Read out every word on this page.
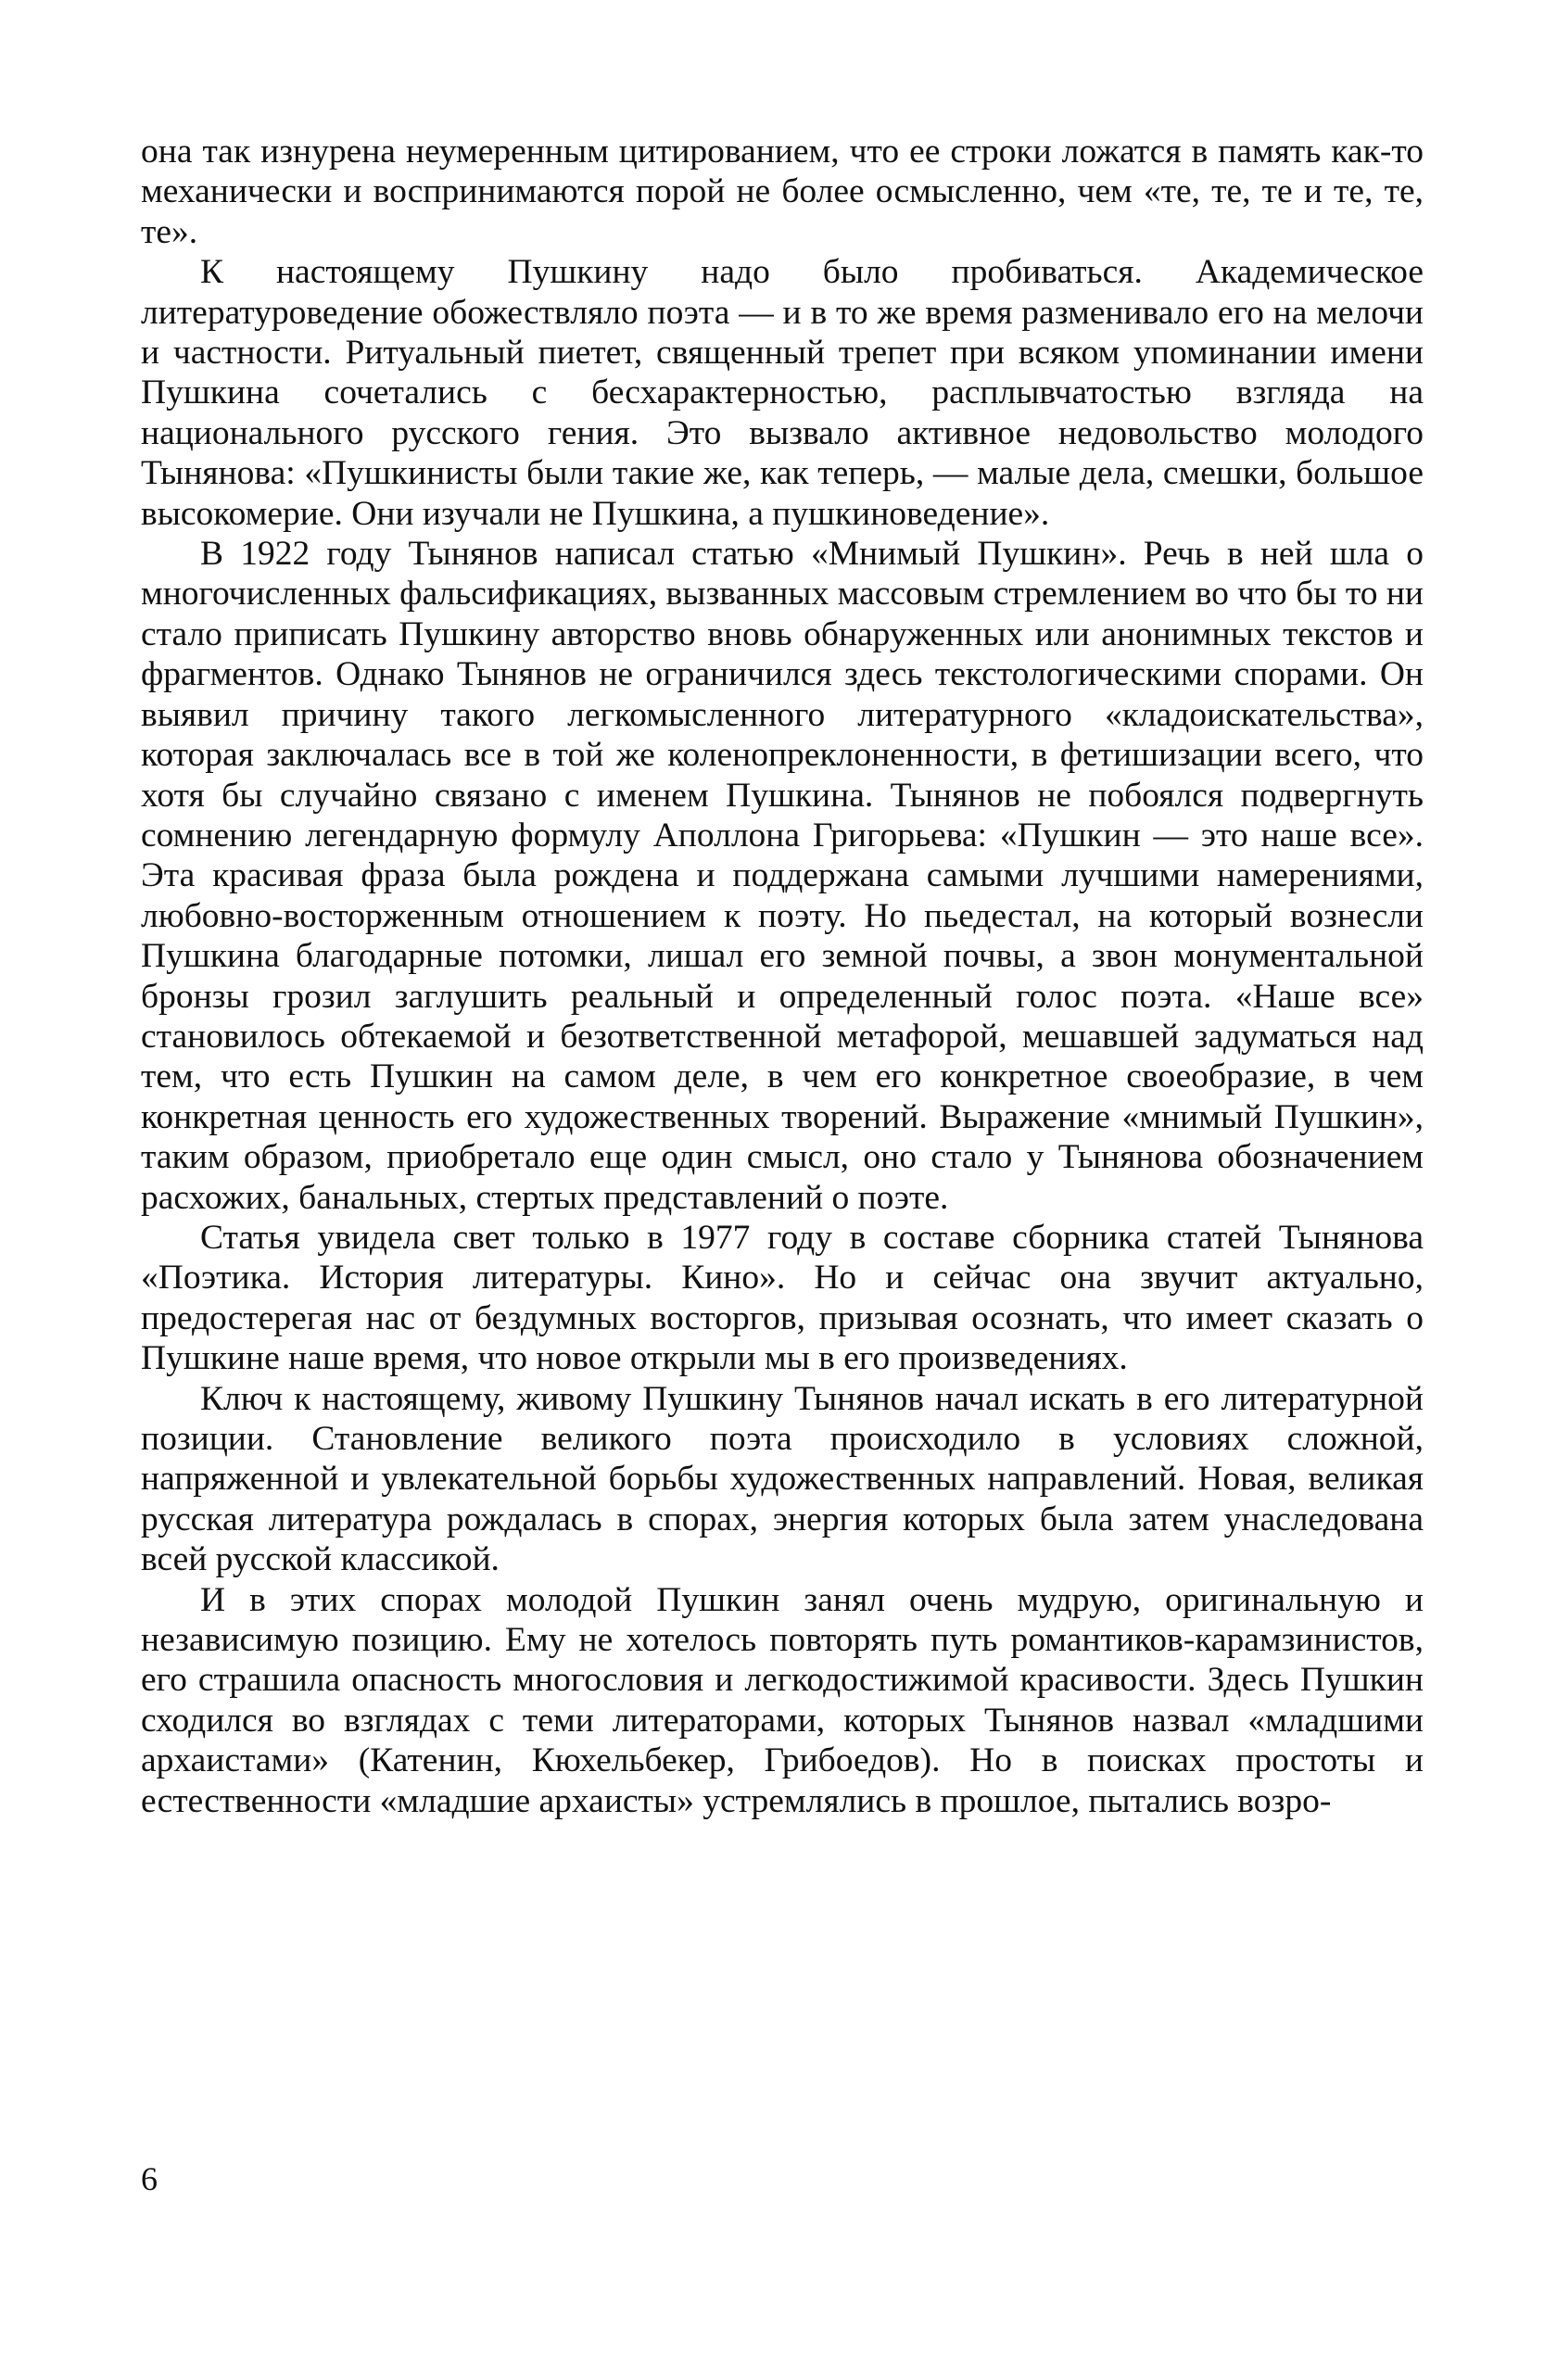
она так изнурена неумеренным цитированием, что ее строки ложатся в память как-то механически и воспринимаются порой не более осмысленно, чем «те, те, те и те, те, те».

К настоящему Пушкину надо было пробиваться. Академическое литературоведение обожествляло поэта — и в то же время разменивало его на мелочи и частности. Ритуальный пиетет, священный трепет при всяком упоминании имени Пушкина сочетались с бесхарактерностью, расплывчатостью взгляда на национального русского гения. Это вызвало активное недовольство молодого Тынянова: «Пушкинисты были такие же, как теперь, — малые дела, смешки, большое высокомерие. Они изучали не Пушкина, а пушкиноведение».

В 1922 году Тынянов написал статью «Мнимый Пушкин». Речь в ней шла о многочисленных фальсификациях, вызванных массовым стремлением во что бы то ни стало приписать Пушкину авторство вновь обнаруженных или анонимных текстов и фрагментов. Однако Тынянов не ограничился здесь текстологическими спорами. Он выявил причину такого легкомысленного литературного «кладоискательства», которая заключалась все в той же коленопреклоненности, в фетишизации всего, что хотя бы случайно связано с именем Пушкина. Тынянов не побоялся подвергнуть сомнению легендарную формулу Аполлона Григорьева: «Пушкин — это наше все». Эта красивая фраза была рождена и поддержана самыми лучшими намерениями, любовно-восторженным отношением к поэту. Но пьедестал, на который вознесли Пушкина благодарные потомки, лишал его земной почвы, а звон монументальной бронзы грозил заглушить реальный и определенный голос поэта. «Наше все» становилось обтекаемой и безответственной метафорой, мешавшей задуматься над тем, что есть Пушкин на самом деле, в чем его конкретное своеобразие, в чем конкретная ценность его художественных творений. Выражение «мнимый Пушкин», таким образом, приобретало еще один смысл, оно стало у Тынянова обозначением расхожих, банальных, стертых представлений о поэте.

Статья увидела свет только в 1977 году в составе сборника статей Тынянова «Поэтика. История литературы. Кино». Но и сейчас она звучит актуально, предостерегая нас от бездумных восторгов, призывая осознать, что имеет сказать о Пушкине наше время, что новое открыли мы в его произведениях.

Ключ к настоящему, живому Пушкину Тынянов начал искать в его литературной позиции. Становление великого поэта происходило в условиях сложной, напряженной и увлекательной борьбы художественных направлений. Новая, великая русская литература рождалась в спорах, энергия которых была затем унаследована всей русской классикой.

И в этих спорах молодой Пушкин занял очень мудрую, оригинальную и независимую позицию. Ему не хотелось повторять путь романтиков-карамзинистов, его страшила опасность многословия и легкодостижимой красивости. Здесь Пушкин сходился во взглядах с теми литераторами, которых Тынянов назвал «младшими архаистами» (Катенин, Кюхельбекер, Грибоедов). Но в поисках простоты и естественности «младшие архаисты» устремлялись в прошлое, пытались возро-

6
